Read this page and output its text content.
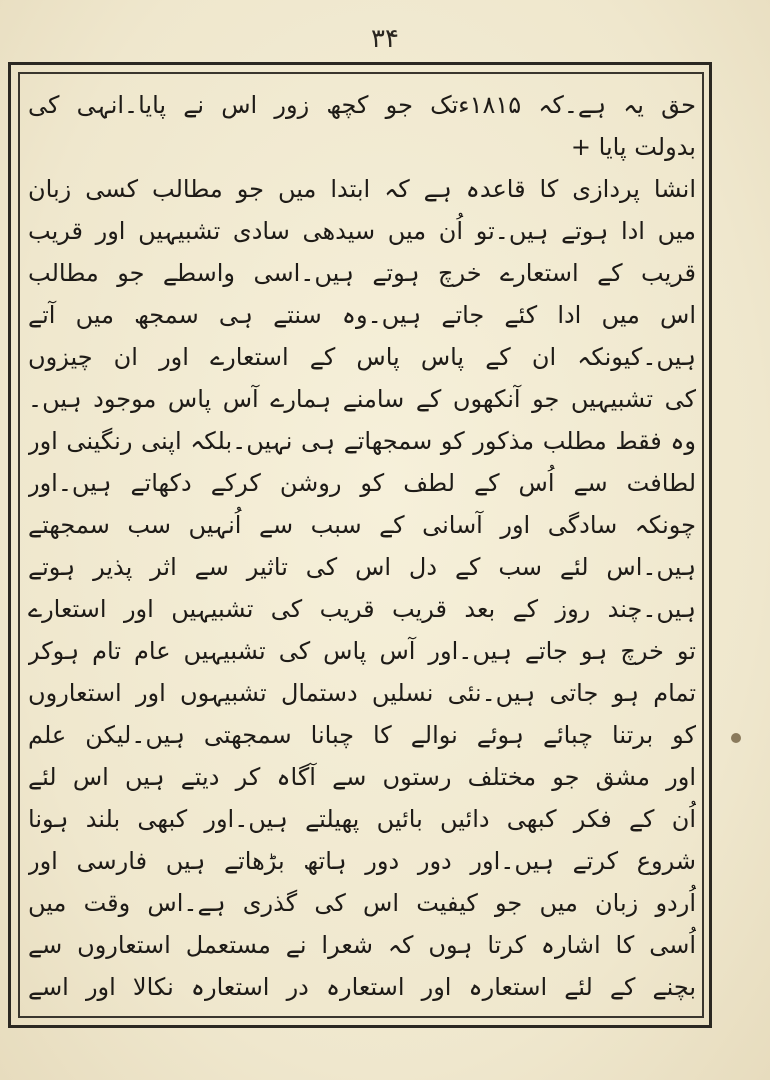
۳۴
حق یہ ہے۔کہ ۱۸۱۵ءتک جو کچھ زور اس نے پایا۔انہی کی
بدولت پایا +
انشا پردازی کا قاعدہ ہے کہ ابتدا میں جو مطالب کسی زبان
میں ادا ہوتے ہیں۔تو اُن میں سیدھی سادی تشبیہیں اور قریب
قریب کے استعارے خرچ ہوتے ہیں۔اسی واسطے جو مطالب
اس میں ادا کئے جاتے ہیں۔وہ سنتے ہی سمجھ میں آتے
ہیں۔کیونکہ ان کے پاس پاس کے استعارے اور ان چیزوں
کی تشبیہیں جو آنکھوں کے سامنے ہمارے آس پاس موجود ہیں۔
وہ فقط مطلب مذکور کو سمجھاتے ہی نہیں۔بلکہ اپنی رنگینی اور
لطافت سے اُس کے لطف کو روشن کرکے دکھاتے ہیں۔اور
چونکہ سادگی اور آسانی کے سبب سے اُنہیں سب سمجھتے
ہیں۔اس لئے سب کے دل اس کی تاثیر سے اثر پذیر ہوتے
ہیں۔چند روز کے بعد قریب قریب کی تشبیہیں اور استعارے
تو خرچ ہو جاتے ہیں۔اور آس پاس کی تشبیہیں عام تام ہوکر
تمام ہو جاتی ہیں۔نئی نسلیں دستمال تشبیہوں اور استعاروں
کو برتنا چبائے ہوئے نوالے کا چبانا سمجھتی ہیں۔لیکن علم
اور مشق جو مختلف رستوں سے آگاہ کر دیتے ہیں اس لئے
اُن کے فکر کبھی دائیں بائیں پھیلتے ہیں۔اور کبھی بلند ہونا
شروع کرتے ہیں۔اور دور دور ہاتھ بڑھاتے ہیں فارسی اور
اُردو زبان میں جو کیفیت اس کی گذری ہے۔اس وقت میں
اُسی کا اشارہ کرتا ہوں کہ شعرا نے مستعمل استعاروں سے
بچنے کے لئے استعارہ اور استعارہ در استعارہ نکالا اور اسے
